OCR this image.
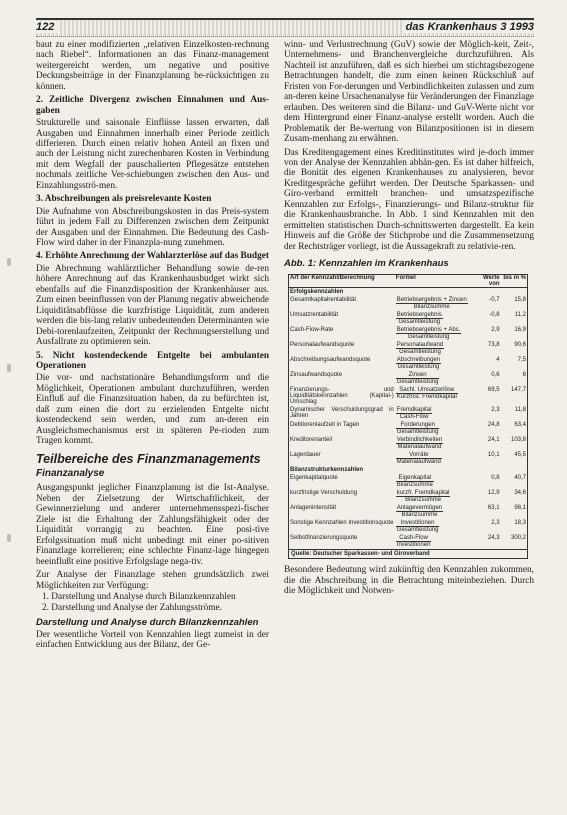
122	das Krankenhaus 3 1993

baut zu einer modifizierten „relativen Einzelkosten-rechnung nach Riebel“. Informationen an das Finanz-management weitergereicht werden, um negative und positive Deckungsbeiträge in der Finanzplanung be-rücksichtigen zu können.

2. Zeitliche Divergenz zwischen Einnahmen und Aus-gaben

Strukturelle und saisonale Einflüsse lassen erwarten, daß Ausgaben und Einnahmen innerhalb einer Periode zeitlich differieren. Durch einen relativ hohen Anteil an fixen und auch der Leistung nicht zurechenbaren Kosten in Verbindung mit dem Wegfall der pauschalierten Pflegesätze entstehen nochmals zeitliche Ver-schiebungen zwischen den Aus- und Einzahlungsströ-men.

3. Abschreibungen als preisrelevante Kosten

Die Aufnahme von Abschreibungskosten in das Preis-system führt in jedem Fall zu Differenzen zwischen dem Zeitpunkt der Ausgaben und der Einnahmen. Die Bedeutung des Cash-Flow wird daher in der Finanzpla-nung zunehmen.

4. Erhöhte Anrechnung der Wahlarzterlöse auf das Budget

Die Abrechnung wahlärztlicher Behandlung sowie de-ren höhere Anrechnung auf das Krankenhausbudget wirkt sich ebenfalls auf die Finanzdisposition der Krankenhäuser aus. Zum einen beeinflussen von der Planung negativ abweichende Liquiditätsabflüsse die kurzfristige Liquidität, zum anderen werden die bis-lang relativ unbedeutenden Determinanten wie Debi-torenlaufzeiten, Zeitpunkt der Rechnungserstellung und Ausfallrate zu optimieren sein.

5. Nicht kostendeckende Entgelte bei ambulanten Operationen

Die vor- und nachstationäre Behandlungsform und die Möglichkeit, Operationen ambulant durchzuführen, werden Einfluß auf die Finanzsituation haben, da zu befürchten ist, daß zum einen die dort zu erzielenden Entgelte nicht kostendeckend sein werden, und zum an-deren ein Ausgleichsmechanismus erst in späteren Pe-rioden zum Tragen kommt.

Teilbereiche des Finanzmanagements
Finanzanalyse

Ausgangspunkt jeglicher Finanzplanung ist die Ist-Analyse. Neben der Zielsetzung der Wirtschaftlichkeit, der Gewinnerzielung und anderer unternehmensspezi-fischer Ziele ist die Erhaltung der Zahlungsfähigkeit oder der Liquidität vorrangig zu beachten. Eine posi-tive Erfolgssituation muß nicht unbedingt mit einer po-sitiven Finanzlage korrelieren; eine schlechte Finanz-lage hingegen beeinflußt eine positive Erfolgslage nega-tiv.

Zur Analyse der Finanzlage stehen grundsätzlich zwei Möglichkeiten zur Verfügung:

1. Darstellung und Analyse durch Bilanzkennzahlen

2. Darstellung und Analyse der Zahlungsströme.

Darstellung und Analyse durch Bilanzkennzahlen

Der wesentliche Vorteil von Kennzahlen liegt zumeist in der einfachen Entwicklung aus der Bilanz, der Ge-

winn- und Verlustrechnung (GuV) sowie der Möglich-keit, Zeit-, Unternehmens- und Branchenvergleiche durchzuführen. Als Nachteil ist anzuführen, daß es sich hierbei um stichtagsbezogene Betrachtungen handelt, die zum einen keinen Rückschluß auf Fristen von For-derungen und Verbindlichkeiten zulassen und zum an-deren keine Ursachenanalyse für Veränderungen der Finanzlage erlauben. Des weiteren sind die Bilanz- und GuV-Werte nicht vor dem Hintergrund einer Finanz-analyse erstellt worden. Auch die Problematik der Be-wertung von Bilanzpositionen ist in diesem Zusam-menhang zu erwähnen.

Das Kreditengagement eines Kreditinstitutes wird je-doch immer von der Analyse der Kennzahlen abhän-gen. Es ist daher hilfreich, die Bonität des eigenen Krankenhauses zu analysieren, bevor Kreditgespräche geführt werden. Der Deutsche Sparkassen- und Giro-verband ermittelt branchen- und umsatzspezifische Kennzahlen zur Erfolgs-, Finanzierungs- und Bilanz-struktur für die Krankenhausbranche. In Abb. 1 sind Kennzahlen mit den ermittelten statistischen Durch-schnittswerten dargestellt. Ea kein Hinweis auf die Größe der Stichprobe und die Zusammensetzung der Rechtsträger vorliegt, ist die Aussagekraft zu relativie-ren.

Abb. 1: Kennzahlen im Krankenhaus
Art der Kennzahl/Berechnung	Formel	Werte von	bis in %
Erfolgskennzahlen			
Gesamtkapitalrentabilität	$\frac{\text{Betriebsergebnis + Zinsen}}{\text{Bilanzsumme}}$	-0,7	15,8
Umsatzrentabilität	$\frac{\text{Betriebsergebnis}}{\text{Gesamtleistung}}$	-0,8	11,2
Cash-Flow-Rate	$\frac{\text{Betriebsergebnis + Abs.}}{\text{Gesamtleistung}}$	2,9	16,9
Personalaufwandsquote	$\frac{\text{Personalaufwand}}{\text{Gesamtleistung}}$	73,8	90,6
Abschreibungsaufwandsquote	$\frac{\text{Abschreibungen}}{\text{Gesamtleistung}}$	4	7,5
Zinsaufwandsquote	$\frac{\text{Zinsen}}{\text{Gesamtleistung}}$	0,6	6
Finanzierungs- und Liquiditätskennzahlen (Kapital-) Umschlag	$\frac{\text{Sachl. Umsatzerlöse}}{\text{Kurzfrist. Fremdkapital}}$	69,5	147,7
Dynamischer Verschuldungsgrad in Jahren	$\frac{\text{Fremdkapital}}{\text{Cash-Flow}}$	2,3	11,8
Debitorenlaufzeit in Tagen	$\frac{\text{Forderungen}}{\text{Gesamtleistung}}$	24,8	63,4
Kreditorenanteil	$\frac{\text{Verbindlichkeiten}}{\text{Materialaufwand}}$	24,1	103,8
Lagerdauer	$\frac{\text{Vorräte}}{\text{Materialaufwand}}$	10,1	45,5
Bilanzstrukturkennzahlen			
Eigenkapitalquote	$\frac{\text{Eigenkapital}}{\text{Bilanzsumme}}$	0,8	40,7
kurzfristige Verschuldung	$\frac{\text{kurzfr. Fremdkapital}}{\text{Bilanzsumme}}$	12,9	34,6
Anlagenintensität	$\frac{\text{Anlagevermögen}}{\text{Bilanzsumme}}$	63,1	98,1
Sonstige Kennzahlen Investitionsquote	$\frac{\text{Investitionen}}{\text{Gesamtleistung}}$	2,3	18,3
Selbstfinanzierungsquote	$\frac{\text{Cash-Flow}}{\text{Investitionen}}$	24,3	300,2
Quelle: Deutscher Sparkassen- und Giroverband

Besondere Bedeutung wird zukünftig den Kennzahlen zukommen, die die Abschreibung in die Betrachtung miteinbeziehen. Durch die Möglichkeit und Notwen-
